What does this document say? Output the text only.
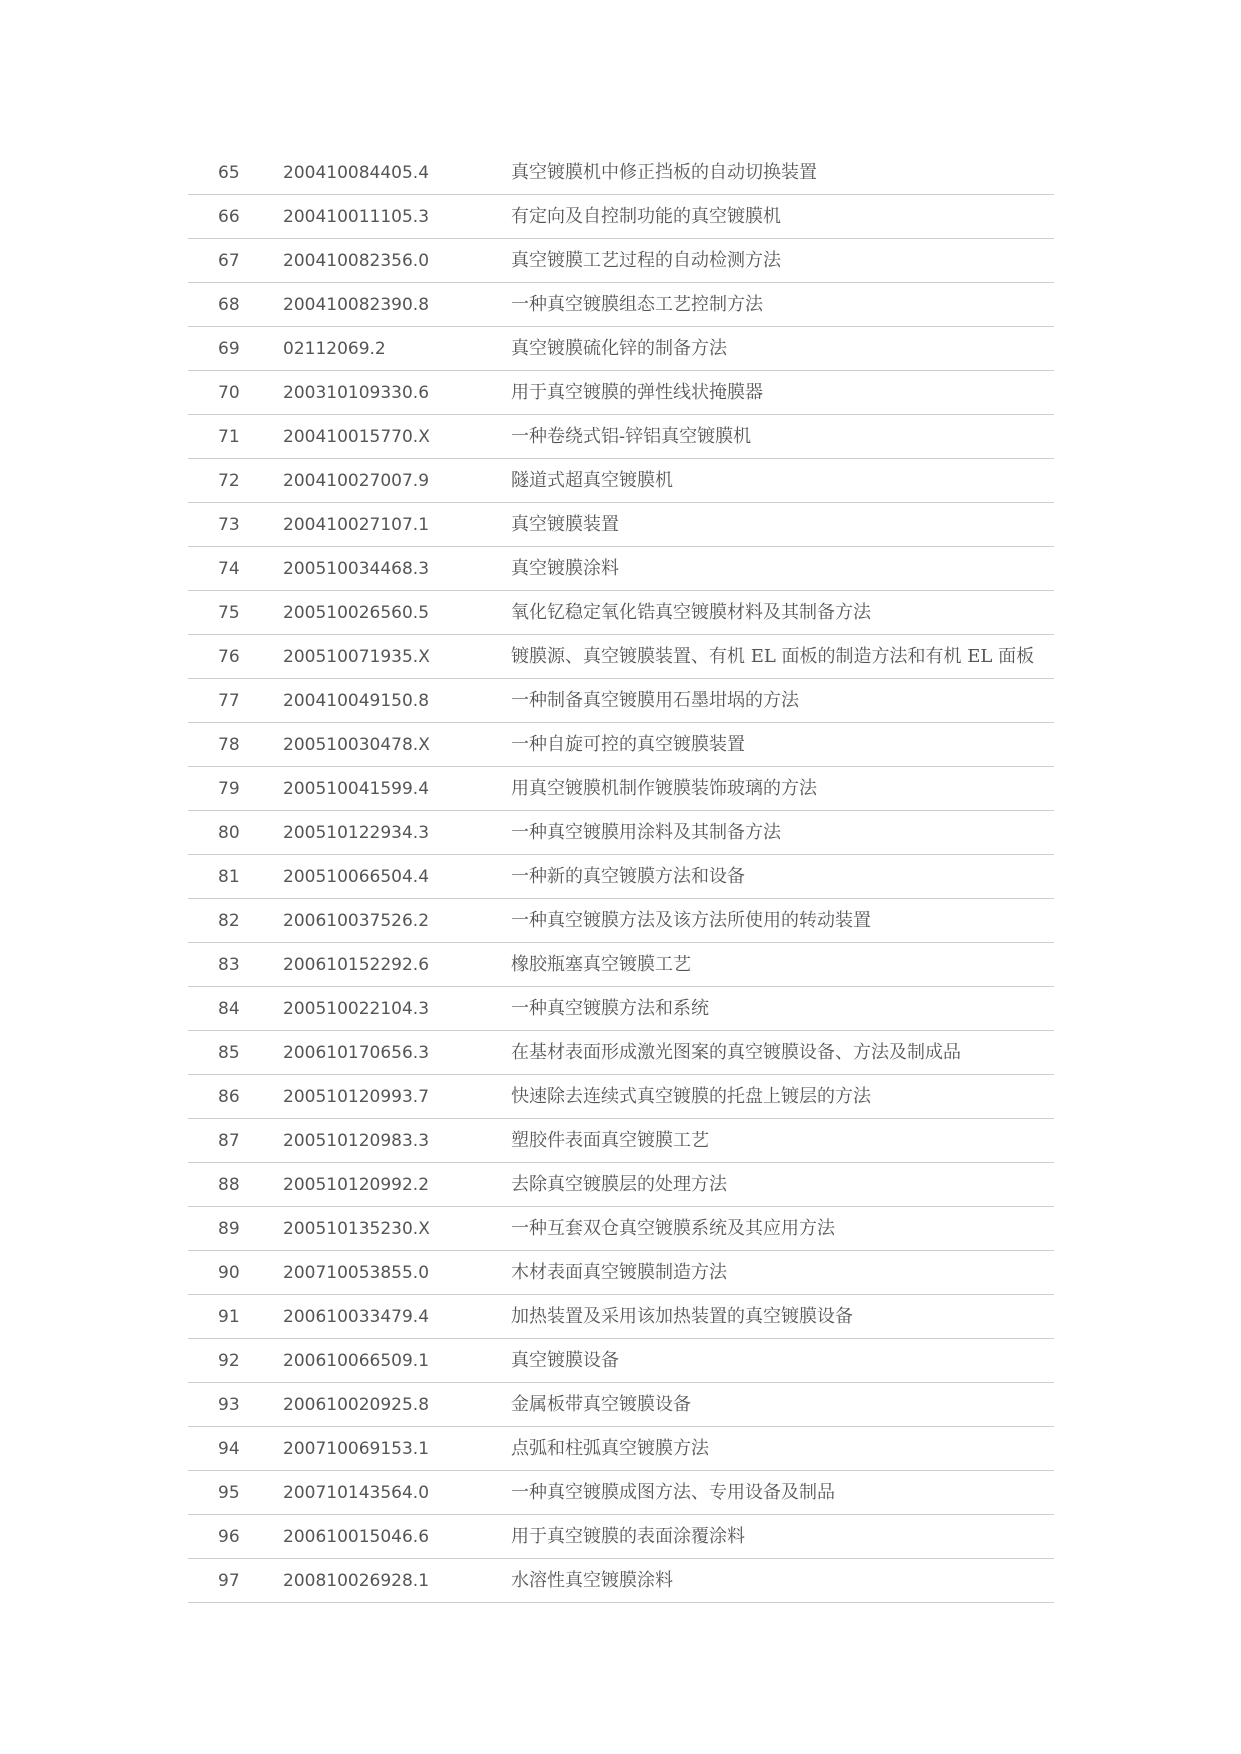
65	200410084405.4	真空镀膜机中修正挡板的自动切换装置
66	200410011105.3	有定向及自控制功能的真空镀膜机
67	200410082356.0	真空镀膜工艺过程的自动检测方法
68	200410082390.8	一种真空镀膜组态工艺控制方法
69	02112069.2	真空镀膜硫化锌的制备方法
70	200310109330.6	用于真空镀膜的弹性线状掩膜器
71	200410015770.X	一种卷绕式铝-锌铝真空镀膜机
72	200410027007.9	隧道式超真空镀膜机
73	200410027107.1	真空镀膜装置
74	200510034468.3	真空镀膜涂料
75	200510026560.5	氧化钇稳定氧化锆真空镀膜材料及其制备方法
76	200510071935.X	镀膜源、真空镀膜装置、有机 EL 面板的制造方法和有机 EL 面板
77	200410049150.8	一种制备真空镀膜用石墨坩埚的方法
78	200510030478.X	一种自旋可控的真空镀膜装置
79	200510041599.4	用真空镀膜机制作镀膜装饰玻璃的方法
80	200510122934.3	一种真空镀膜用涂料及其制备方法
81	200510066504.4	一种新的真空镀膜方法和设备
82	200610037526.2	一种真空镀膜方法及该方法所使用的转动装置
83	200610152292.6	橡胶瓶塞真空镀膜工艺
84	200510022104.3	一种真空镀膜方法和系统
85	200610170656.3	在基材表面形成激光图案的真空镀膜设备、方法及制成品
86	200510120993.7	快速除去连续式真空镀膜的托盘上镀层的方法
87	200510120983.3	塑胶件表面真空镀膜工艺
88	200510120992.2	去除真空镀膜层的处理方法
89	200510135230.X	一种互套双仓真空镀膜系统及其应用方法
90	200710053855.0	木材表面真空镀膜制造方法
91	200610033479.4	加热装置及采用该加热装置的真空镀膜设备
92	200610066509.1	真空镀膜设备
93	200610020925.8	金属板带真空镀膜设备
94	200710069153.1	点弧和柱弧真空镀膜方法
95	200710143564.0	一种真空镀膜成图方法、专用设备及制品
96	200610015046.6	用于真空镀膜的表面涂覆涂料
97	200810026928.1	水溶性真空镀膜涂料
